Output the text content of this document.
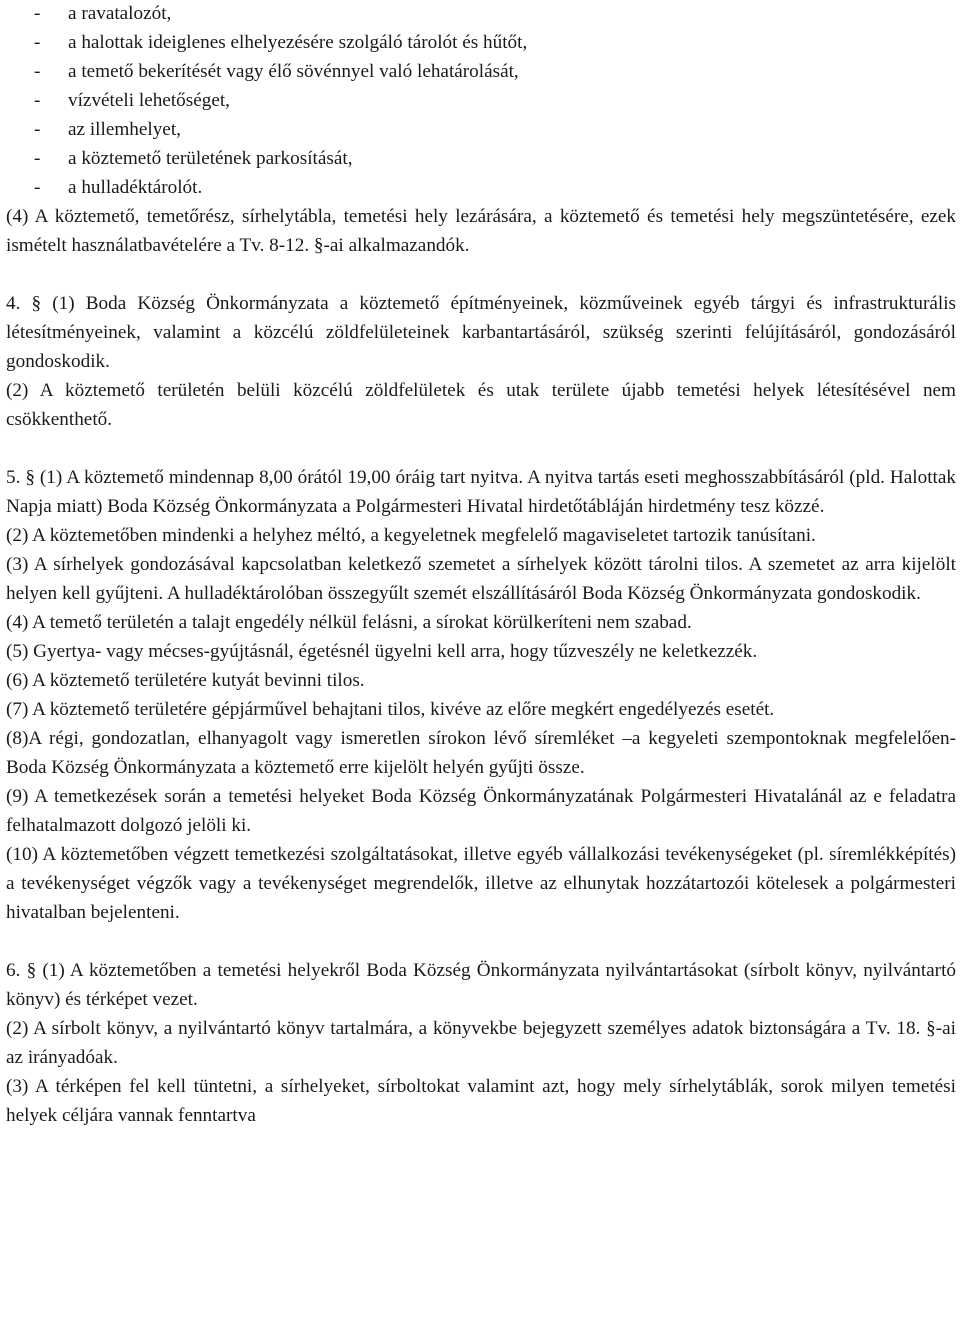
-	a ravatalozót,
-	a halottak ideiglenes elhelyezésére szolgáló tárolót és hűtőt,
-	a temető bekerítését vagy élő sövénnyel való lehatárolását,
-	vízvételi lehetőséget,
-	az illemhelyet,
-	a köztemető területének parkosítását,
-	a hulladéktárolót.

(4) A köztemető, temetőrész, sírhelytábla, temetési hely lezárására, a köztemető és temetési hely megszüntetésére, ezek ismételt használatbavételére a Tv. 8-12. §-ai alkalmazandók.

4. § (1) Boda Község Önkormányzata a köztemető építményeinek, közműveinek egyéb tárgyi és infrastrukturális létesítményeinek, valamint a közcélú zöldfelületeinek karbantartásáról, szükség szerinti felújításáról, gondozásáról gondoskodik.

(2) A köztemető területén belüli közcélú zöldfelületek és utak területe újabb temetési helyek létesítésével nem csökkenthető.

5. § (1) A köztemető mindennap 8,00 órától 19,00 óráig tart nyitva. A nyitva tartás eseti meghosszabbításáról (pld. Halottak Napja miatt) Boda Község Önkormányzata a Polgármesteri Hivatal hirdetőtábláján hirdetmény tesz közzé.

(2) A köztemetőben mindenki a helyhez méltó, a kegyeletnek megfelelő magaviseletet tartozik tanúsítani.

(3) A sírhelyek gondozásával kapcsolatban keletkező szemetet a sírhelyek között tárolni tilos. A szemetet az arra kijelölt helyen kell gyűjteni. A hulladéktárolóban összegyűlt szemét elszállításáról Boda Község Önkormányzata gondoskodik.

(4) A temető területén a talajt engedély nélkül felásni, a sírokat körülkeríteni nem szabad.

(5) Gyertya- vagy mécses-gyújtásnál, égetésnél ügyelni kell arra, hogy tűzveszély ne keletkezzék.

(6) A köztemető területére kutyát bevinni tilos.

(7) A köztemető területére gépjárművel behajtani tilos, kivéve az előre megkért engedélyezés esetét.

(8)A régi, gondozatlan, elhanyagolt vagy ismeretlen sírokon lévő síremléket –a kegyeleti szempontoknak megfelelően- Boda Község Önkormányzata a köztemető erre kijelölt helyén gyűjti össze.

(9) A temetkezések során a temetési helyeket Boda Község Önkormányzatának Polgármesteri Hivatalánál az e feladatra felhatalmazott dolgozó jelöli ki.

(10) A köztemetőben végzett temetkezési szolgáltatásokat, illetve egyéb vállalkozási tevékenységeket (pl. síremlékképítés) a tevékenységet végzők vagy a tevékenységet megrendelők, illetve az elhunytak hozzátartozói kötelesek a polgármesteri hivatalban bejelenteni.

6. § (1) A köztemetőben a temetési helyekről Boda Község Önkormányzata nyilvántartásokat (sírbolt könyv, nyilvántartó könyv) és térképet vezet.

(2) A sírbolt könyv, a nyilvántartó könyv tartalmára, a könyvekbe bejegyzett személyes adatok biztonságára a Tv. 18. §-ai az irányadóak.

(3) A térképen fel kell tüntetni, a sírhelyeket, sírboltokat valamint azt, hogy mely sírhelytáblák, sorok milyen temetési helyek céljára vannak fenntartva
